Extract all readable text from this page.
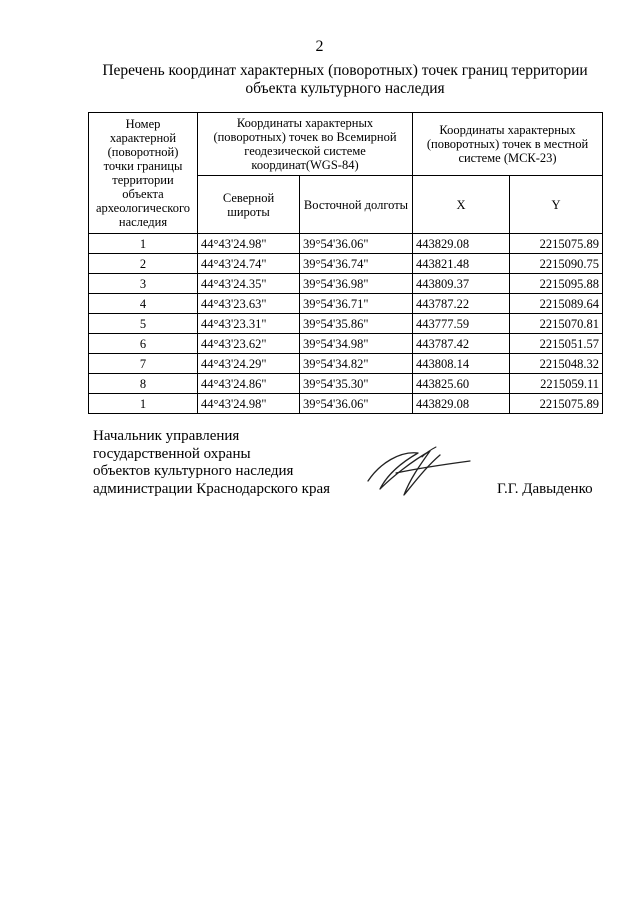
2
Перечень координат характерных (поворотных) точек границ территории
объекта культурного наследия
Номер характерной (поворотной) точки границы территории объекта археологического наследия	Координаты характерных (поворотных) точек во Всемирной геодезической системе координат(WGS-84)		Координаты характерных (поворотных) точек в местной системе (МСК-23)	
	Северной широты	Восточной долготы	X	Y
1	44°43'24.98"	39°54'36.06"	443829.08	2215075.89
2	44°43'24.74"	39°54'36.74"	443821.48	2215090.75
3	44°43'24.35"	39°54'36.98"	443809.37	2215095.88
4	44°43'23.63"	39°54'36.71"	443787.22	2215089.64
5	44°43'23.31"	39°54'35.86"	443777.59	2215070.81
6	44°43'23.62"	39°54'34.98"	443787.42	2215051.57
7	44°43'24.29"	39°54'34.82"	443808.14	2215048.32
8	44°43'24.86"	39°54'35.30"	443825.60	2215059.11
1	44°43'24.98"	39°54'36.06"	443829.08	2215075.89
Начальник управления
государственной охраны
объектов культурного наследия
администрации Краснодарского края	Г.Г. Давыденко
